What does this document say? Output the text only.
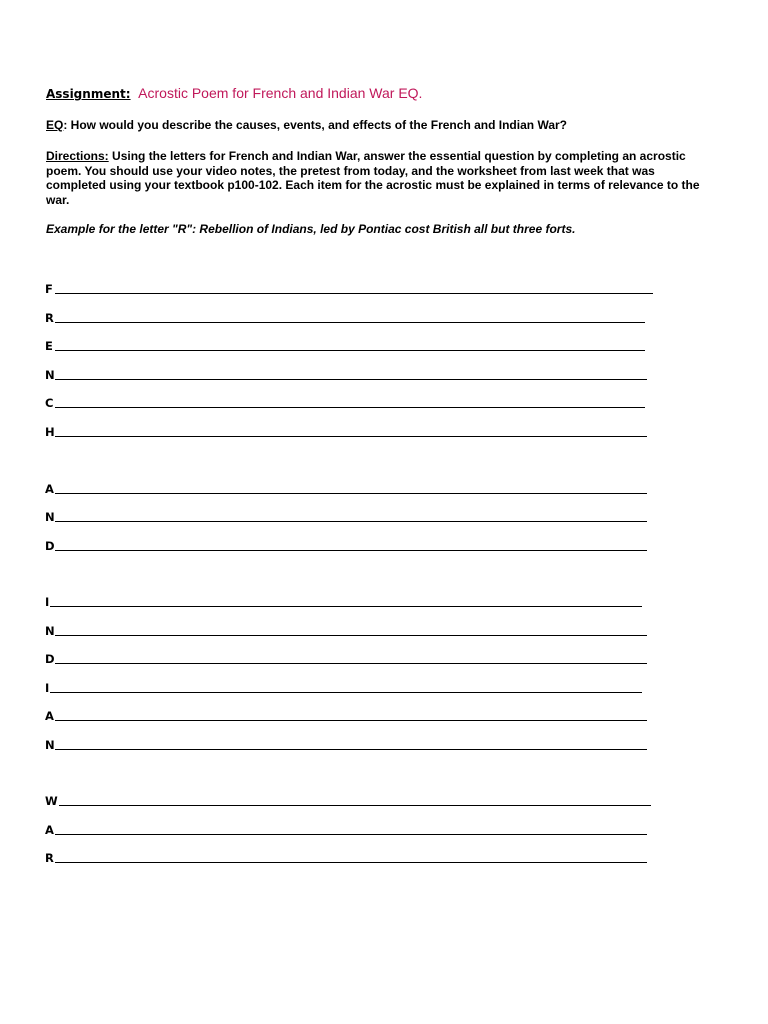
Assignment: Acrostic Poem for French and Indian War EQ.
EQ: How would you describe the causes, events, and effects of the French and Indian War?
Directions: Using the letters for French and Indian War, answer the essential question by completing an acrostic poem. You should use your video notes, the pretest from today, and the worksheet from last week that was completed using your textbook p100-102. Each item for the acrostic must be explained in terms of relevance to the war.
Example for the letter "R": Rebellion of Indians, led by Pontiac cost British all but three forts.
F
R
E
N
C
H
A
N
D
I
N
D
I
A
N
W
A
R
